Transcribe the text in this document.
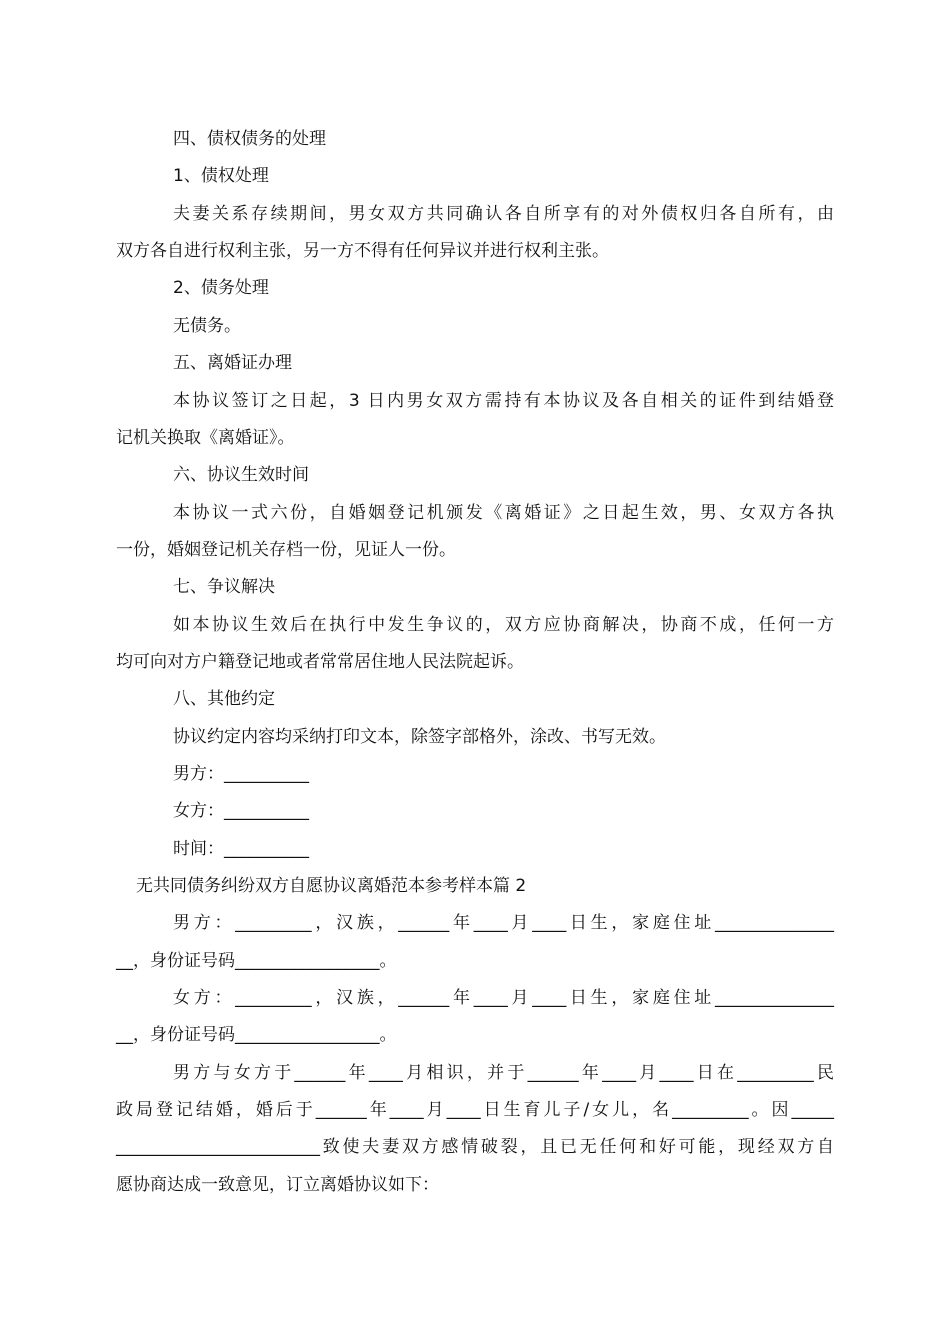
四、债权债务的处理

1、债权处理

夫妻关系存续期间，男女双方共同确认各自所享有的对外债权归各自所有，由

双方各自进行权利主张，另一方不得有任何异议并进行权利主张。

2、债务处理

无债务。

五、离婚证办理

本协议签订之日起，3 日内男女双方需持有本协议及各自相关的证件到结婚登

记机关换取《离婚证》。

六、协议生效时间

本协议一式六份，自婚姻登记机颁发《离婚证》之日起生效，男、女双方各执

一份，婚姻登记机关存档一份，见证人一份。

七、争议解决

如本协议生效后在执行中发生争议的，双方应协商解决，协商不成，任何一方

均可向对方户籍登记地或者常常居住地人民法院起诉。

八、其他约定

协议约定内容均采纳打印文本，除签字部格外，涂改、书写无效。

男方：__________

女方：__________

时间：__________

无共同债务纠纷双方自愿协议离婚范本参考样本篇 2

男方：_________，汉族，______年____月____日生，家庭住址______________

__，身份证号码_________________。

女方：_________，汉族，______年____月____日生，家庭住址______________

__，身份证号码_________________。

男方与女方于______年____月相识，并于______年____月____日在_________民

政局登记结婚，婚后于______年____月____日生育儿子/女儿，名_________。因_____

________________________致使夫妻双方感情破裂，且已无任何和好可能，现经双方自

愿协商达成一致意见，订立离婚协议如下：
